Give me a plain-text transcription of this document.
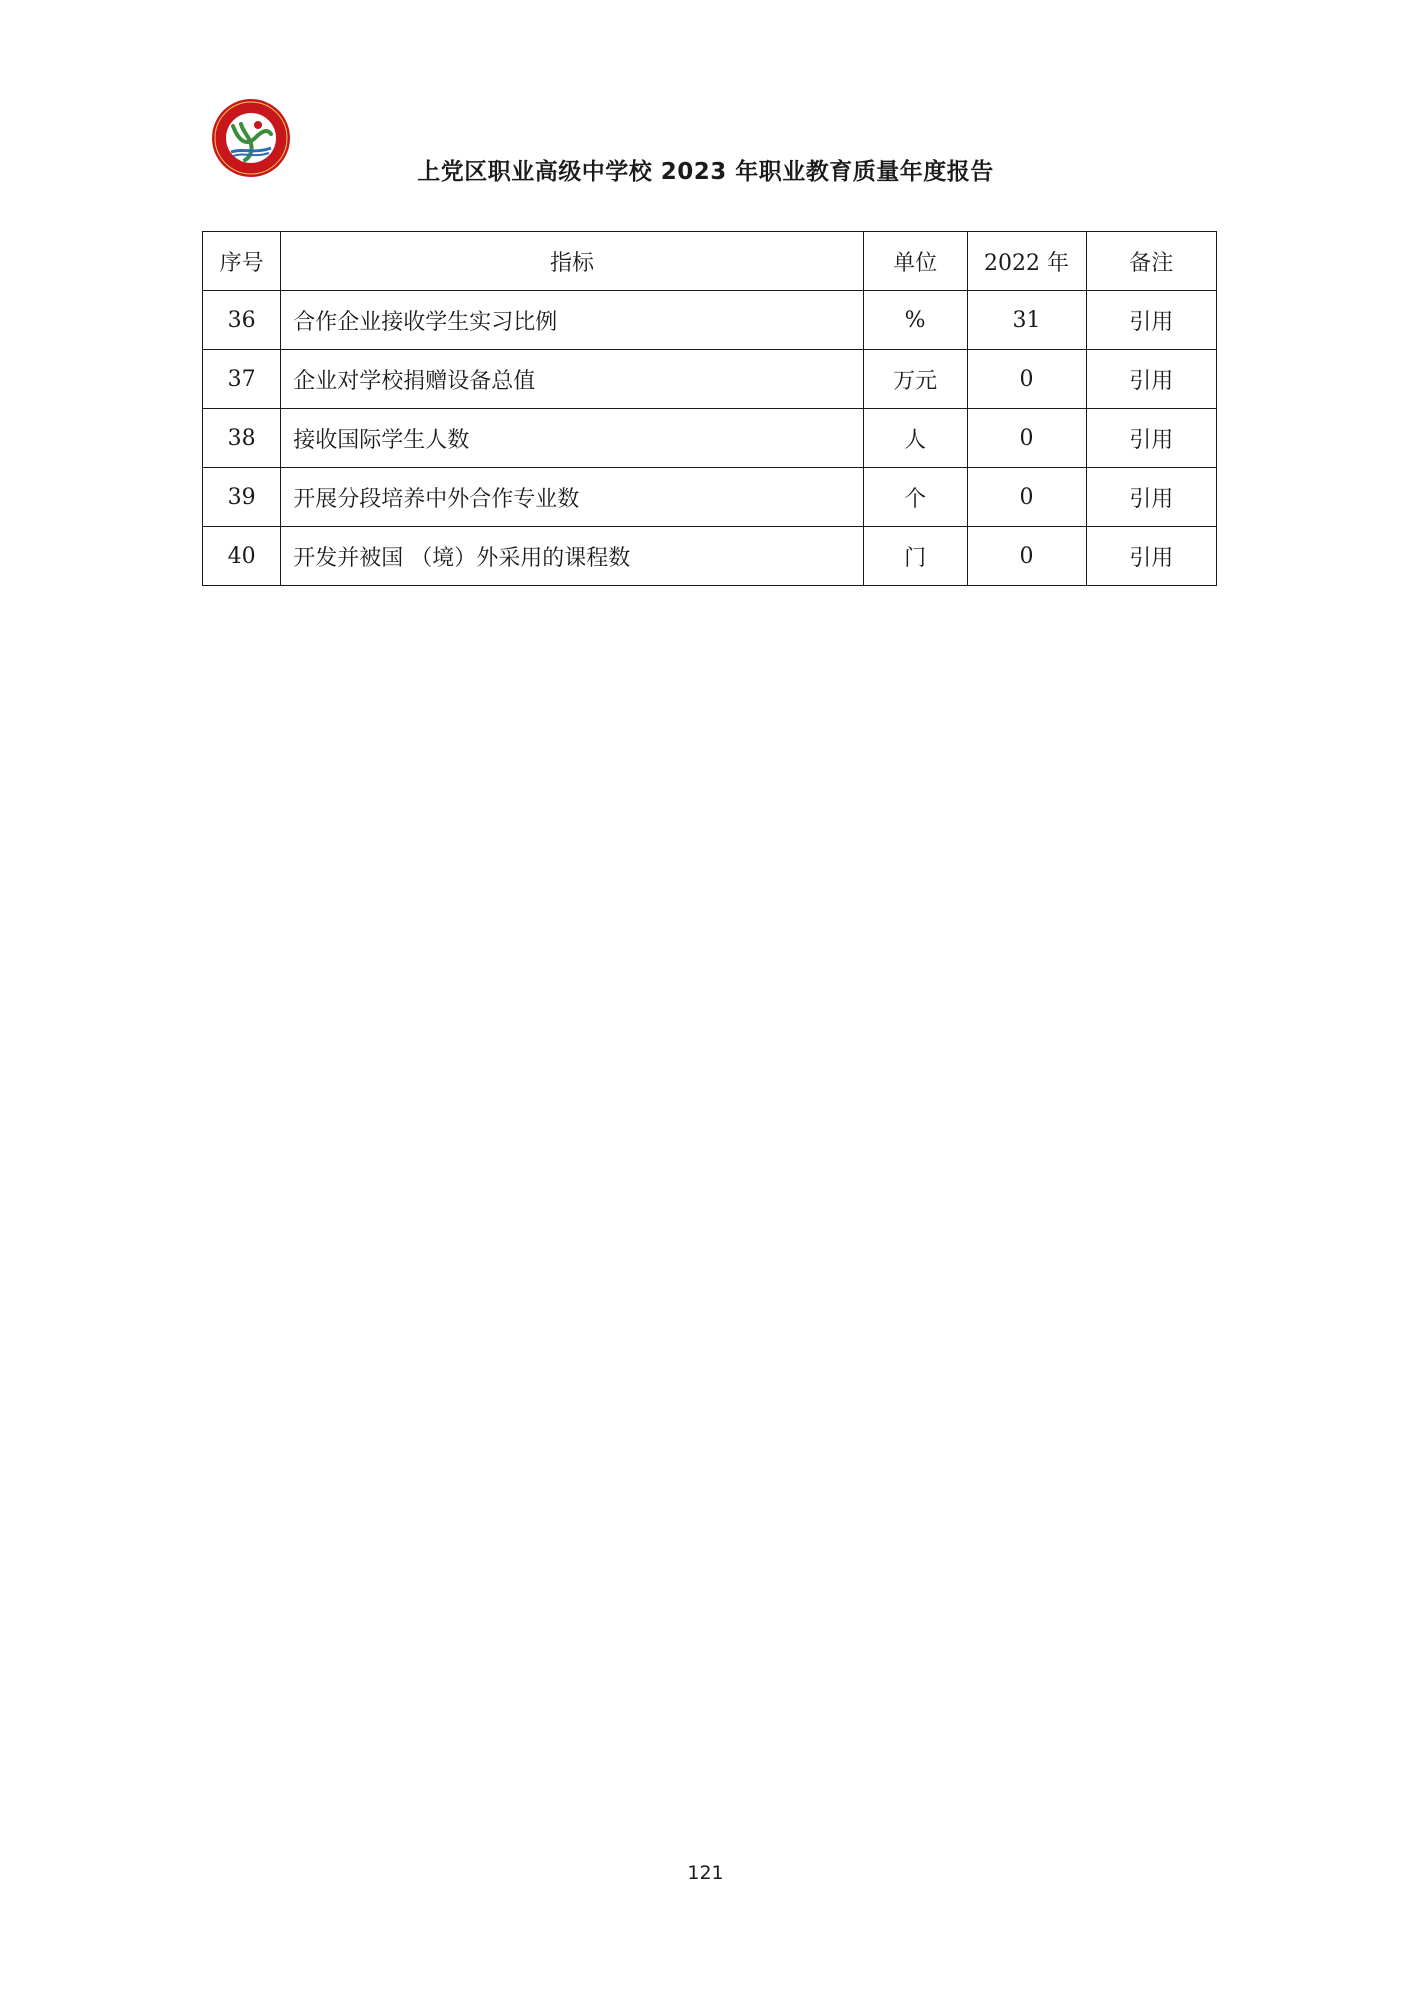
上党区职业高级中学校 2023 年职业教育质量年度报告
序号	指标	单位	2022 年	备注
36	合作企业接收学生实习比例	%	31	引用
37	企业对学校捐赠设备总值	万元	0	引用
38	接收国际学生人数	人	0	引用
39	开展分段培养中外合作专业数	个	0	引用
40	开发并被国 （境）外采用的课程数	门	0	引用
121
